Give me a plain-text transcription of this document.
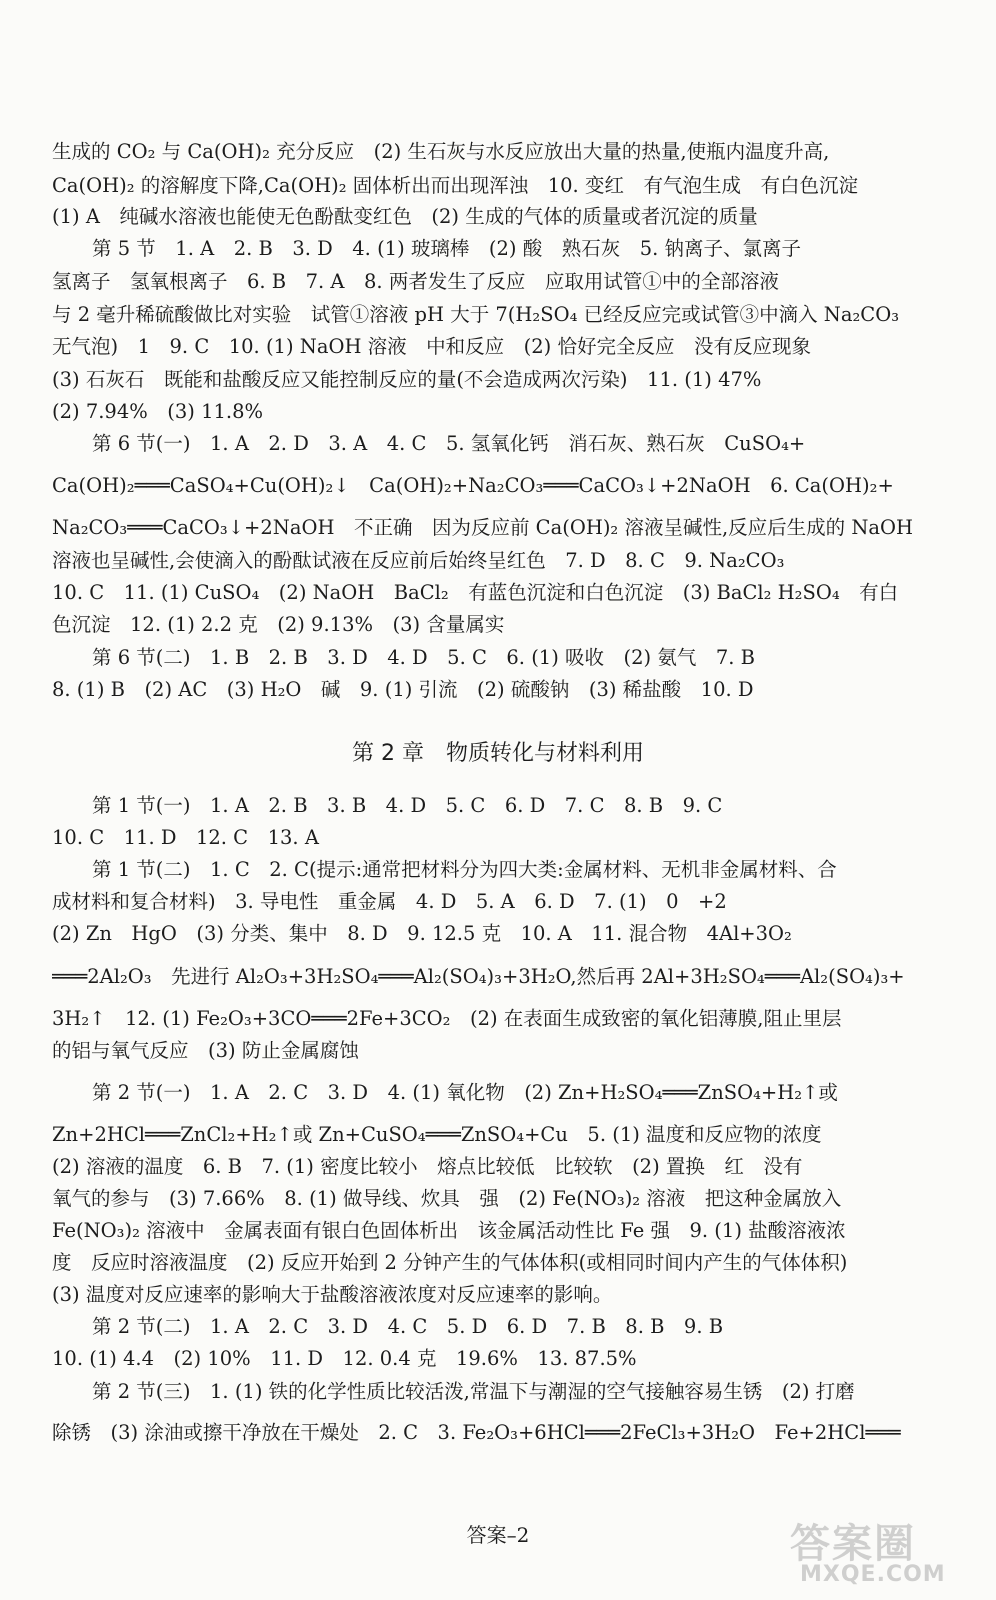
生成的 CO₂ 与 Ca(OH)₂ 充分反应　(2) 生石灰与水反应放出大量的热量,使瓶内温度升高,
Ca(OH)₂ 的溶解度下降,Ca(OH)₂ 固体析出而出现浑浊　10. 变红　有气泡生成　有白色沉淀
(1) A　纯碱水溶液也能使无色酚酞变红色　(2) 生成的气体的质量或者沉淀的质量
第 5 节　1. A　2. B　3. D　4. (1) 玻璃棒　(2) 酸　熟石灰　5. 钠离子、氯离子
氢离子　氢氧根离子　6. B　7. A　8. 两者发生了反应　应取用试管①中的全部溶液
与 2 毫升稀硫酸做比对实验　试管①溶液 pH 大于 7(H₂SO₄ 已经反应完或试管③中滴入 Na₂CO₃
无气泡)　1　9. C　10. (1) NaOH 溶液　中和反应　(2) 恰好完全反应　没有反应现象
(3) 石灰石　既能和盐酸反应又能控制反应的量(不会造成两次污染)　11. (1) 47%
(2) 7.94%　(3) 11.8%
第 6 节(一)　1. A　2. D　3. A　4. C　5. 氢氧化钙　消石灰、熟石灰　CuSO₄+
Ca(OH)₂═══CaSO₄+Cu(OH)₂↓　Ca(OH)₂+Na₂CO₃═══CaCO₃↓+2NaOH　6. Ca(OH)₂+
Na₂CO₃═══CaCO₃↓+2NaOH　不正确　因为反应前 Ca(OH)₂ 溶液呈碱性,反应后生成的 NaOH
溶液也呈碱性,会使滴入的酚酞试液在反应前后始终呈红色　7. D　8. C　9. Na₂CO₃
10. C　11. (1) CuSO₄　(2) NaOH　BaCl₂　有蓝色沉淀和白色沉淀　(3) BaCl₂ H₂SO₄　有白
色沉淀　12. (1) 2.2 克　(2) 9.13%　(3) 含量属实
第 6 节(二)　1. B　2. B　3. D　4. D　5. C　6. (1) 吸收　(2) 氨气　7. B
8. (1) B　(2) AC　(3) H₂O　碱　9. (1) 引流　(2) 硫酸钠　(3) 稀盐酸　10. D
第 2 章　物质转化与材料利用
第 1 节(一)　1. A　2. B　3. B　4. D　5. C　6. D　7. C　8. B　9. C
10. C　11. D　12. C　13. A
第 1 节(二)　1. C　2. C(提示:通常把材料分为四大类:金属材料、无机非金属材料、合
成材料和复合材料)　3. 导电性　重金属　4. D　5. A　6. D　7. (1)　0　+2
(2) Zn　HgO　(3) 分类、集中　8. D　9. 12.5 克　10. A　11. 混合物　4Al+3O₂
═══2Al₂O₃　先进行 Al₂O₃+3H₂SO₄═══Al₂(SO₄)₃+3H₂O,然后再 2Al+3H₂SO₄═══Al₂(SO₄)₃+
3H₂↑　12. (1) Fe₂O₃+3CO═══2Fe+3CO₂　(2) 在表面生成致密的氧化铝薄膜,阻止里层
的铝与氧气反应　(3) 防止金属腐蚀
第 2 节(一)　1. A　2. C　3. D　4. (1) 氧化物　(2) Zn+H₂SO₄═══ZnSO₄+H₂↑或
Zn+2HCl═══ZnCl₂+H₂↑或 Zn+CuSO₄═══ZnSO₄+Cu　5. (1) 温度和反应物的浓度
(2) 溶液的温度　6. B　7. (1) 密度比较小　熔点比较低　比较软　(2) 置换　红　没有
氧气的参与　(3) 7.66%　8. (1) 做导线、炊具　强　(2) Fe(NO₃)₂ 溶液　把这种金属放入
Fe(NO₃)₂ 溶液中　金属表面有银白色固体析出　该金属活动性比 Fe 强　9. (1) 盐酸溶液浓
度　反应时溶液温度　(2) 反应开始到 2 分钟产生的气体体积(或相同时间内产生的气体体积)
(3) 温度对反应速率的影响大于盐酸溶液浓度对反应速率的影响。
第 2 节(二)　1. A　2. C　3. D　4. C　5. D　6. D　7. B　8. B　9. B
10. (1) 4.4　(2) 10%　11. D　12. 0.4 克　19.6%　13. 87.5%
第 2 节(三)　1. (1) 铁的化学性质比较活泼,常温下与潮湿的空气接触容易生锈　(2) 打磨
除锈　(3) 涂油或擦干净放在干燥处　2. C　3. Fe₂O₃+6HCl═══2FeCl₃+3H₂O　Fe+2HCl═══
答案–2	答案圈
MXQE.COM
